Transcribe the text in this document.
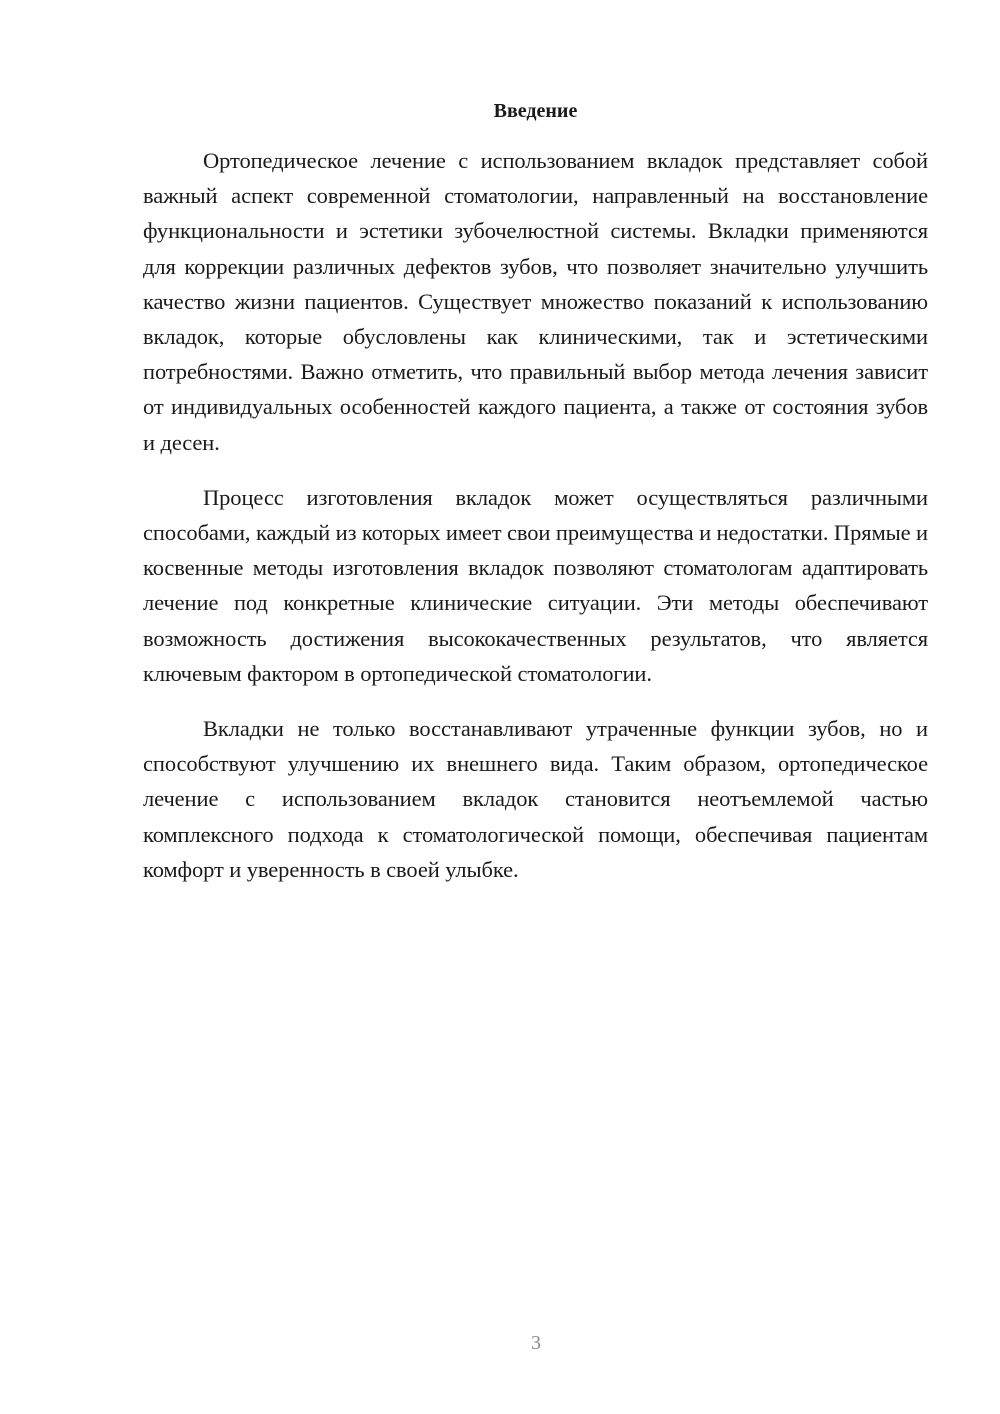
Введение

Ортопедическое лечение с использованием вкладок представляет собой важный аспект современной стоматологии, направленный на восстановление функциональности и эстетики зубочелюстной системы. Вкладки применяются для коррекции различных дефектов зубов, что позволяет значительно улучшить качество жизни пациентов. Существует множество показаний к использованию вкладок, которые обусловлены как клиническими, так и эстетическими потребностями. Важно отметить, что правильный выбор метода лечения зависит от индивидуальных особенностей каждого пациента, а также от состояния зубов и десен.

Процесс изготовления вкладок может осуществляться различными способами, каждый из которых имеет свои преимущества и недостатки. Прямые и косвенные методы изготовления вкладок позволяют стоматологам адаптировать лечение под конкретные клинические ситуации. Эти методы обеспечивают возможность достижения высококачественных результатов, что является ключевым фактором в ортопедической стоматологии.

Вкладки не только восстанавливают утраченные функции зубов, но и способствуют улучшению их внешнего вида. Таким образом, ортопедическое лечение с использованием вкладок становится неотъемлемой частью комплексного подхода к стоматологической помощи, обеспечивая пациентам комфорт и уверенность в своей улыбке.

3
